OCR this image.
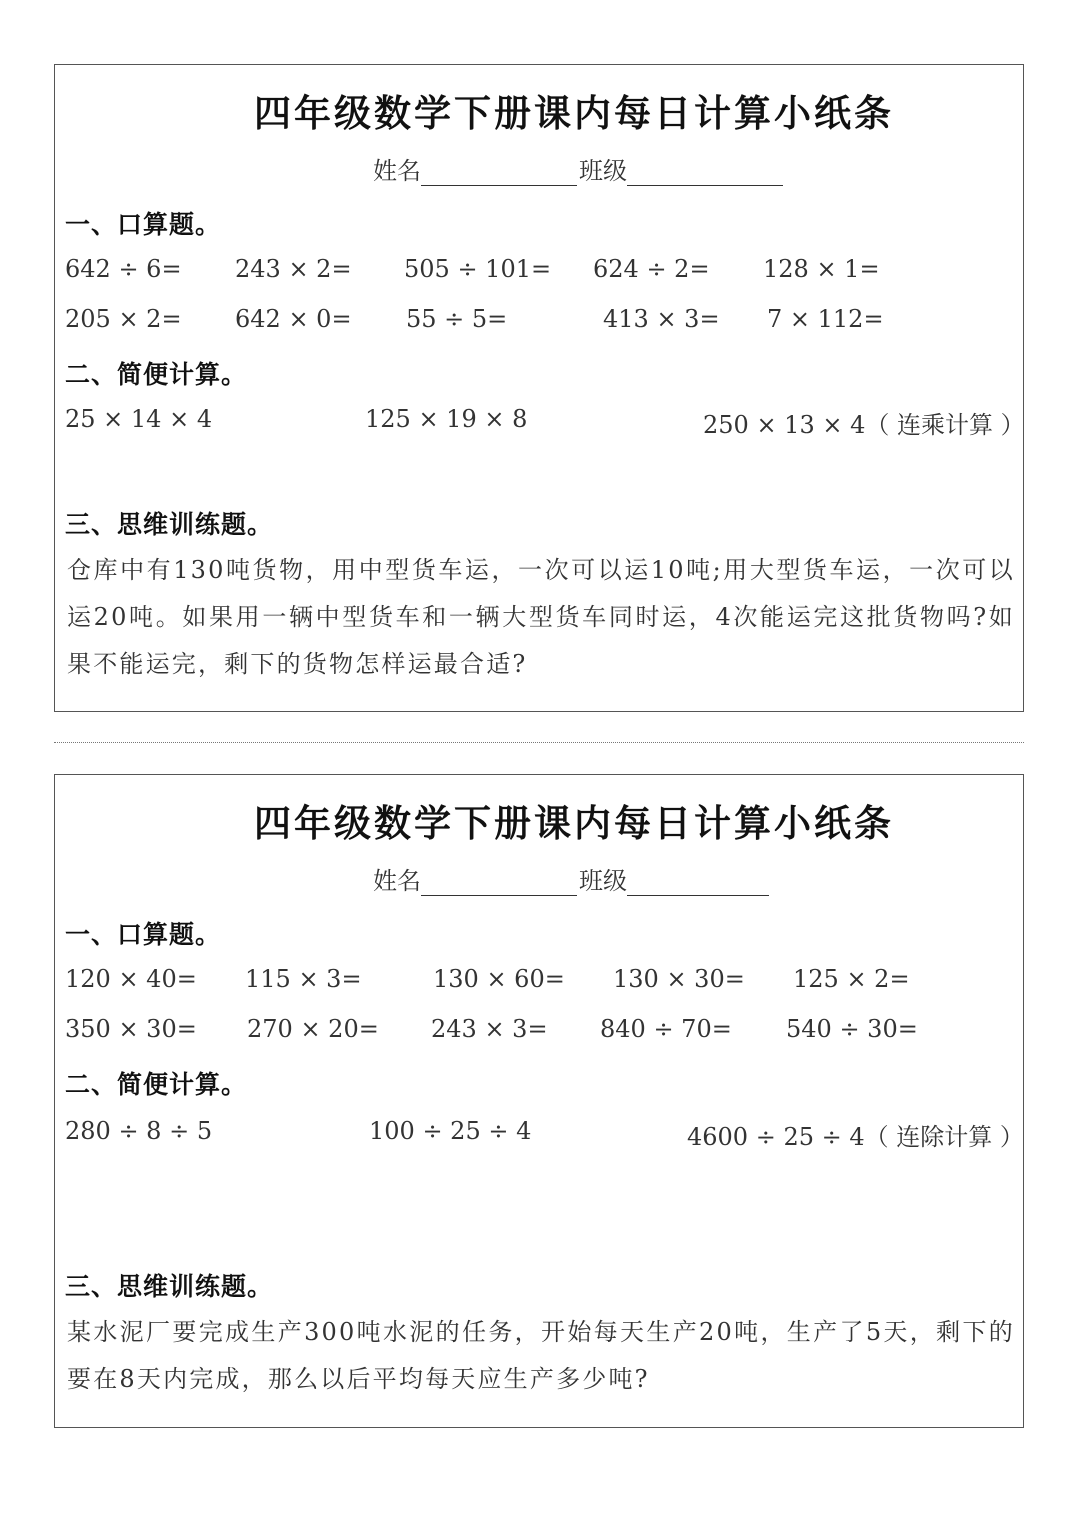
四年级数学下册课内每日计算小纸条
姓名	班级
一、口算题。
642 ÷ 6= 243 × 2= 505 ÷ 101= 624 ÷ 2= 128 × 1=
205 × 2= 642 × 0= 55 ÷ 5=	413 × 3= 7 × 112=
二、简便计算。
25 × 14 × 4	125 × 19 × 8	250 × 13 × 4（ 连乘计算 ）
三、思维训练题。
仓库中有130吨货物，用中型货车运，一次可以运10吨;用大型货车运，一次可以运20吨。如果用一辆中型货车和一辆大型货车同时运，4次能运完这批货物吗?如果不能运完，剩下的货物怎样运最合适?
四年级数学下册课内每日计算小纸条
姓名	班级
一、口算题。
120 × 40= 115 × 3=	130 × 60= 130 × 30= 125 × 2=
350 × 30= 270 × 20= 243 × 3= 840 ÷ 70= 540 ÷ 30=
二、简便计算。
280 ÷ 8 ÷ 5	100 ÷ 25 ÷ 4	4600 ÷ 25 ÷ 4（ 连除计算 ）
三、思维训练题。
某水泥厂要完成生产300吨水泥的任务，开始每天生产20吨，生产了5天，剩下的要在8天内完成，那么以后平均每天应生产多少吨?
